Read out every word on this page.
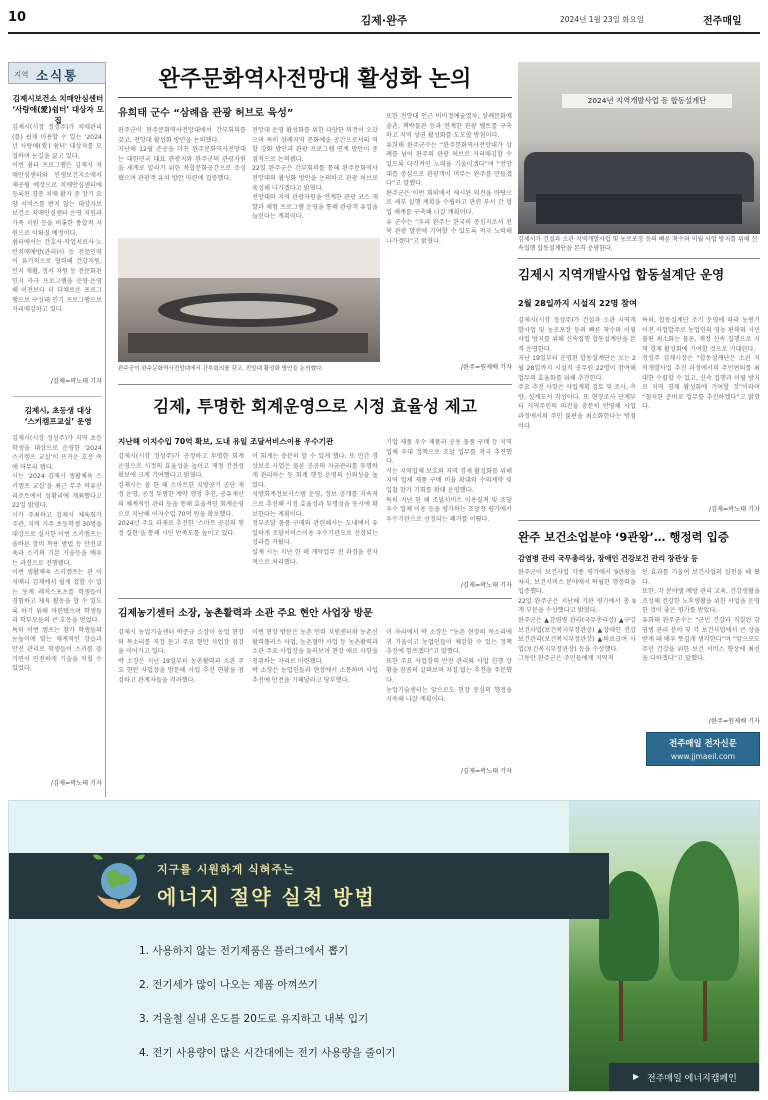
10	김제·완주	2024년 1월 23일 화요일	전주매일
지역 소식통
김제시보건소 치매안심센터
‘사랑애(愛)쉼터’ 대상자 모집
김제시(시장 정성주)가 치매관리(를) 쉽게 이용할 수 있는 ‘2024년 사랑애(愛) 쉼터’ 대상자를 모집하며 눈길을 끌고 있다.
이번 쉼터 프로그램은 김제시 치매안심센터와 인생보건지소에서 제공될 예정으로 치매안심센터에 등록된 경증 치매 환자 중 장기 요양 서비스를 받지 않는 대상자로 보건소 치매안심센터 운영 지원과 가족 지원 등을 비롯한 종합적 지원으로 이뤄질 예정이다.
쉼터에서는 간호사·작업치료사·노인치매예방(관리)사 등 전문인력이 유기적으로 협력해 건강지원, 인지 재활, 정서 지원 등 전문화된 인지 자극 프로그램을 운영·운영해 이전보다 더 다채로운 프로그램으로 구성돼 인기 프로그램으로 자리매김하고 있다.
/김제=곽노태 기자
김제시, 초등생 대상
‘스키캠프교실’ 운영
김제시(시장 정성주)가 지역 초등학생을 대상으로 운영한 ‘2024 스키캠프 교실’이 뜨거운 호응 속에 마무리 됐다.
시는 ‘2024 김제시 생활체육 스키캠프 교실’을 최근 무주 덕유산 리조트에서 성황리에 개최했다고 22일 밝혔다.
시가 주최하고 김제시 체육회가 주관, 지역 거주 초등학생 30명을 대상으로 실시한 이번 스키캠프는 올바른 장비 착용 방법 등 안전교육과 스키의 기본 기술등을 배우는 과정으로 진행됐다.
이번 생활체육 스키캠프는 관 이지매니 김제에서 쉽게 접할 수 없는 동계 레저스포츠를 학생들이 경험하고 체육 활동을 할 수 있도록 하기 위해 마련됐으며 학생들과 학부모들의 큰 호응을 얻었다.
특히 이번 캠프는 참가 학생들의 눈높이에 맞는 체계적인 강습과 안전 관리로 학생들이 스키를 즐기면서 안전하게 기술을 익힐 수 있었다.
/김제=곽노태 기자
완주문화역사전망대 활성화 논의
유희태 군수 “삼례읍 관광 허브로 육성”
완주군이 완주문화역사전망대에서 간부회의를 갖고, 전망대 활성화 방안을 논의했다.
지난해 12월 준공을 마친 완주문화역사전망대는 대한민국 대표 관광지와 완주군의 관광자원을 세계로 알리기 위한 복합문화공간으로 조성됐으며 관광객 유치 방안 마련에 집중했다.
전망대 운영 활성화를 위한 다양한 의견이 오갔으며 특히 삼례지역 문화예술 공간으로서의 역할 강화 방안과 관광 프로그램 연계 방안이 중점적으로 논의됐다.
22일 완주군은 간부회의를 통해 완주문화역사전망대의 활성화 방안을 논의하고 관광 허브로 육성해 나가겠다고 밝혔다.
전망대와 지역 관광자원을 연계한 관광 코스 개발과 체험 프로그램 운영을 통해 관광객 유입을 늘린다는 계획이다.
또한 전망대 인근 비비정예술열차, 삼례문화예술촌, 책박물관 등과 연계한 관광 벨트를 구축하고 지역 상권 활성화를 도모할 방침이다.
유희태 완주군수는 “완주문화역사전망대가 삼례를 넘어 완주의 관광 허브로 자리매김할 수 있도록 다각적인 노력을 기울이겠다”며 “전망대를 중심으로 관광객이 머무는 완주를 만들겠다”고 말했다.
완주군은 이번 회의에서 제시된 의견을 바탕으로 세부 실행 계획을 수립하고 관련 부서 간 협업 체계를 구축해 나갈 계획이다.
유 군수는 “우리 완주는 한국의 중심지로서 전북 관광 발전에 기여할 수 있도록 적극 노력해 나가겠다”고 밝혔다.
/완주=원제배 기자
완주군이 완주문화역사전망대에서 간부회의를 갖고, 전망대 활성화 방안을 논의했다.
2024년 지역개발사업 등 합동설계단
김제시가 건설과 소관 지역개발사업 및 농로포장 등의 빠른 착수와 이월 사업 방지를 위해 신속집행 합동설계단을 본격 운영한다.
김제시 지역개발사업 합동설계단 운영
2월 28일까지 시설직 22명 참여
김제시(시장 정성주)가 건설과 소관 지역개발사업 및 농로포장 등의 빠른 착수와 이월 사업 방지를 위해 신속집행 합동설계단을 본격 운영한다.
지난 19일부터 운영된 합동설계단은 오는 2월 28일까지 시설직 공무원 22명이 참여해 업무의 효율화를 위해 추진한다.
주요 추진 사항은 사업계획 검토 및 조사, 측량, 설계도서 작성이다. 또 현장조사 단계부터 지역주민의 의견을 충분히 반영해 사업 과정에서의 주민 불편을 최소화한다는 방침이다.
특히, 합동설계단 조기 운영에 따라 농번기 이전 사업발주로 농업인의 영농 편의와 시민 불편 최소화는 물론, 재정 신속 집행으로 지역 경제 활성화에 기여할 것으로 기대된다.
정성주 김제시장은 “합동설계단은 소관 지역개발사업 추진 과정에서의 주민편의를 최대한 수렴할 수 있고, 신속 집행과 이월 방지로 지역 경제 활성화에 기여할 것”이라며 “철저한 준비로 업무를 추진하겠다”고 밝혔다.
/김제=곽노태 기자
김제, 투명한 회계운영으로 시정 효율성 제고
지난해 이지수입 70억 확보, 도내 유일 조달서비스이용 우수기관
김제시(시장 정성주)가 공정하고 투명한 회계운영으로 시정의 효율성을 높이고 재정 건전성 확보에 크게 기여했다고 밝혔다.
김제시는 올 한 해 스마트한 지방공기 공단 재정 운영, 공정 투명한 계약 행정 추진, 공유재산의 체계적인 관리 등을 통해 효율적인 회계운영으로 지난해 이자수입 70억 원을 확보했다.
2024년 주요 과제로 추진한 ‘스마트 공감의 행정 실현’을 통해 시민 만족도를 높이고 있다.
이 회계는 충분히 알 수 있게 했다. 또 민간 경상보조 사업은 물론 공공의 자금관리를 투명하게 관리하는 등 회계 행정 운영의 신뢰성을 높였다.
지방회계정보시스템 운영, 정보 공개를 지속적으로 추진해 시정 효율성과 투명성을 동시에 확보한다는 계획이다.
정부조달 물품 구매와 관련해서는 도내에서 유일하게 조달서비스이용 우수기관으로 선정되는 성과를 거뒀다.
실제 시는 지난 한 해 계약업무 전 과정을 전자적으로 처리했다.
기업 제품 우수 제품과 공용 물품 구매 등 지역업체 우대 정책으로 조달 업무를 적극 추진했다.
시는 지역업체 보호와 지역 경제 활성화를 위해 지역 업체 제품 구매 비율 확대와 수의계약 및 입찰 참가 기회를 확대 운영했다.
특히 지난 한 해 조달서비스 이용실적 및 조달우수 업체 이용 등을 평가하는 조달청 평가에서 우수기관으로 선정되는 쾌거를 이뤘다.
/김제=곽노태 기자
김제농기센터 소장, 농촌활력과 소관 주요 현안 사업장 방문
김제시 농업기술센터 박준규 소장이 농업 현장의 목소리를 직접 듣고 주요 현안 사업장 점검을 이어가고 있다.
박 소장은 지난 19일부터 농촌활력과 소관 주요 현안 사업장을 방문해 사업 추진 현황을 점검하고 관계자들을 격려했다.
이번 현장 방문은 농촌 인력 지원센터와 농촌신활력플러스 사업, 농촌협약 사업 등 농촌활력과 소관 주요 사업장을 둘러보며 현장 애로 사항을 청취하는 자리로 마련됐다.
박 소장은 농업인들과 현장에서 소통하며 사업 추진에 만전을 기해달라고 당부했다.
이 자리에서 박 소장은 “농촌 현장의 목소리에 귀 기울이고 농업인들이 체감할 수 있는 정책 추진에 힘쓰겠다”고 말했다.
또한 주요 사업장의 안전 관리와 사업 진행 상황을 꼼꼼히 살펴보며 차질 없는 추진을 주문했다.
농업기술센터는 앞으로도 현장 중심의 행정을 지속해 나갈 계획이다.
/김제=곽노태 기자
완주 보건소업분야 ‘9관왕’… 행정력 입증
감염병 관리 국무총리상, 장애인 건강보건 관리 장관상 등
완주군이 보건사업 각종 평가에서 9관왕을 차지, 보건서비스 분야에서 탁월한 행정력을 입증했다.
22일 완주군은 지난해 기관 평가에서 총 9개 부문을 수상했다고 밝혔다.
완주군은 ▲감염병 관리(국무총리상) ▲구강보건사업(보건복지부장관상) ▲장애인 건강보건관리(보건복지부장관상) ▲의료급여 사업(보건복지부장관상) 등을 수상했다.
그동안 완주군은 주민들에게 지역적
인 효과를 기울여 보건사업의 실천을 해 왔다.
또한, 각 분야별 예방 관리 교육, 건강생활을 조성해 건강한 노후생활을 위한 사업을 운영한 것이 좋은 평가를 받았다.
유희태 완주군수는 “군민 건강과 직결된 감염병 관리 분야 및 각 보건사업에서 큰 상을 받게 돼 매우 뜻깊게 생각한다”며 “앞으로도 주민 건강을 위한 보건 서비스 향상에 최선을 다하겠다”고 말했다.
/완주=원제배 기자
전주매일 전자신문
www.jjmaeil.com
지구를 시원하게 식혀주는
에너지 절약 실천 방법
1. 사용하지 않는 전기제품은 플러그에서 뽑기
2. 전기세가 많이 나오는 제품 아껴쓰기
3. 겨울철 실내 온도를 20도로 유지하고 내복 입기
4. 전기 사용량이 많은 시간대에는 전기 사용량을 줄이기
▶ 전주매일 에너지캠페인
